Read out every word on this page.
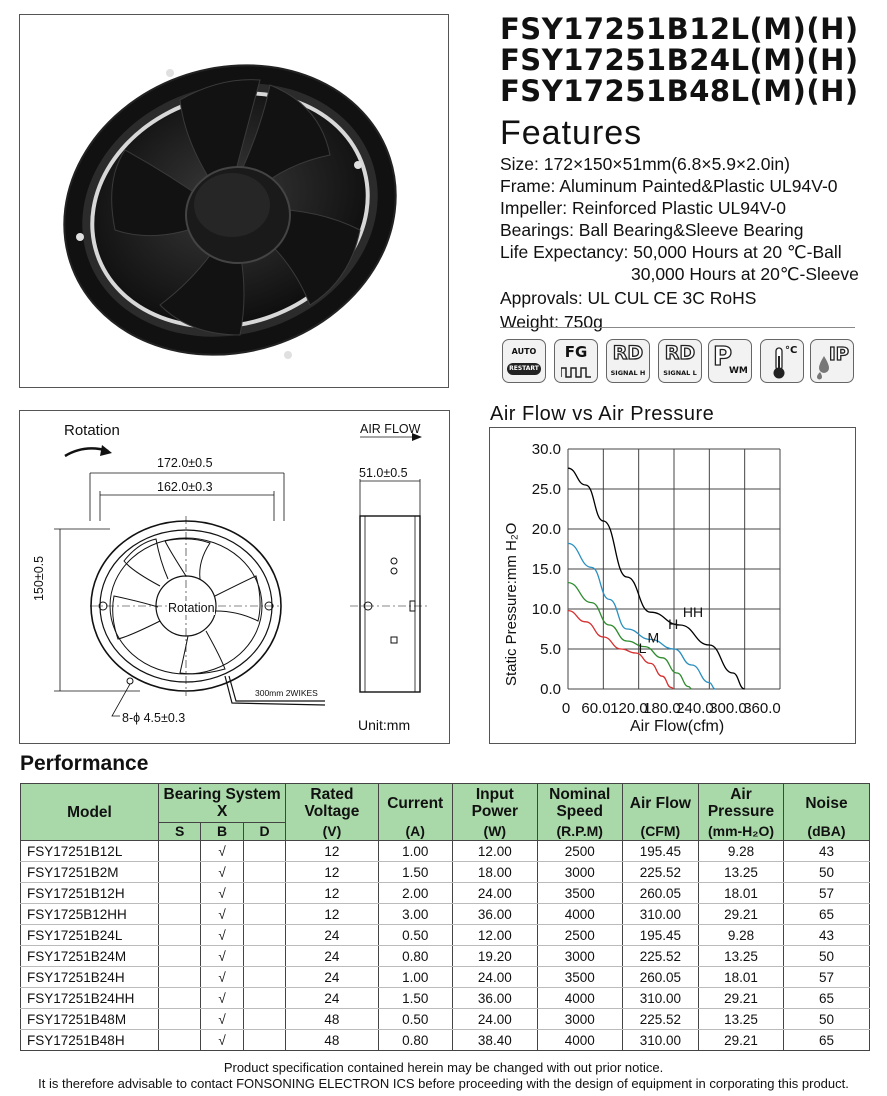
FSY17251B12L(M)(H)
FSY17251B24L(M)(H)
FSY17251B48L(M)(H)
Features
Size: 172×150×51mm(6.8×5.9×2.0in)
Frame: Aluminum Painted&Plastic UL94V-0
Impeller: Reinforced Plastic UL94V-0
Bearings: Ball Bearing&Sleeve Bearing
Life Expectancy: 50,000 Hours at 20 ℃-Ball
30,000 Hours at 20℃-Sleeve
Approvals: UL CUL CE 3C RoHS
Weight: 750g
AUTO
RESTART
FG	RD
SIGNAL H
RD
SIGNAL L
P
WM
°C IP
Rotation	AIR FLOW
172.0±0.5
162.0±0.3
51.0±0.5
150±0.5
Rotation
300mm 2WIKES
8-ϕ 4.5±0.3	Unit:mm
Air Flow vs Air Pressure
0 60.0 120.0
180.0
240.0
300.0
360.0
0.0
5.0
10.0
15.0
20.0
25.0
30.0
HH
H
M
L
Static Pressure:mm H₂O
Air Flow(cfm)
Performance
Model	Bearing System
X			Rated Voltage	Current	Input Power	Nominal Speed	Air Flow	Air Pressure	Noise
	S	B	D	(V)	(A)	(W)	(R.P.M)	(CFM)	(mm-H₂O)	(dBA)
FSY17251B12L		√		12	1.00	12.00	2500	195.45	9.28	43
FSY17251B2M		√		12	1.50	18.00	3000	225.52	13.25	50
FSY17251B12H		√		12	2.00	24.00	3500	260.05	18.01	57
FSY1725B12HH		√		12	3.00	36.00	4000	310.00	29.21	65
FSY17251B24L		√		24	0.50	12.00	2500	195.45	9.28	43
FSY17251B24M		√		24	0.80	19.20	3000	225.52	13.25	50
FSY17251B24H		√		24	1.00	24.00	3500	260.05	18.01	57
FSY17251B24HH		√		24	1.50	36.00	4000	310.00	29.21	65
FSY17251B48M		√		48	0.50	24.00	3000	225.52	13.25	50
FSY17251B48H		√		48	0.80	38.40	4000	310.00	29.21	65
Product specification contained herein may be changed with out prior notice.
It is therefore advisable to contact FONSONING ELECTRON ICS before proceeding with the design of equipment in corporating this product.
